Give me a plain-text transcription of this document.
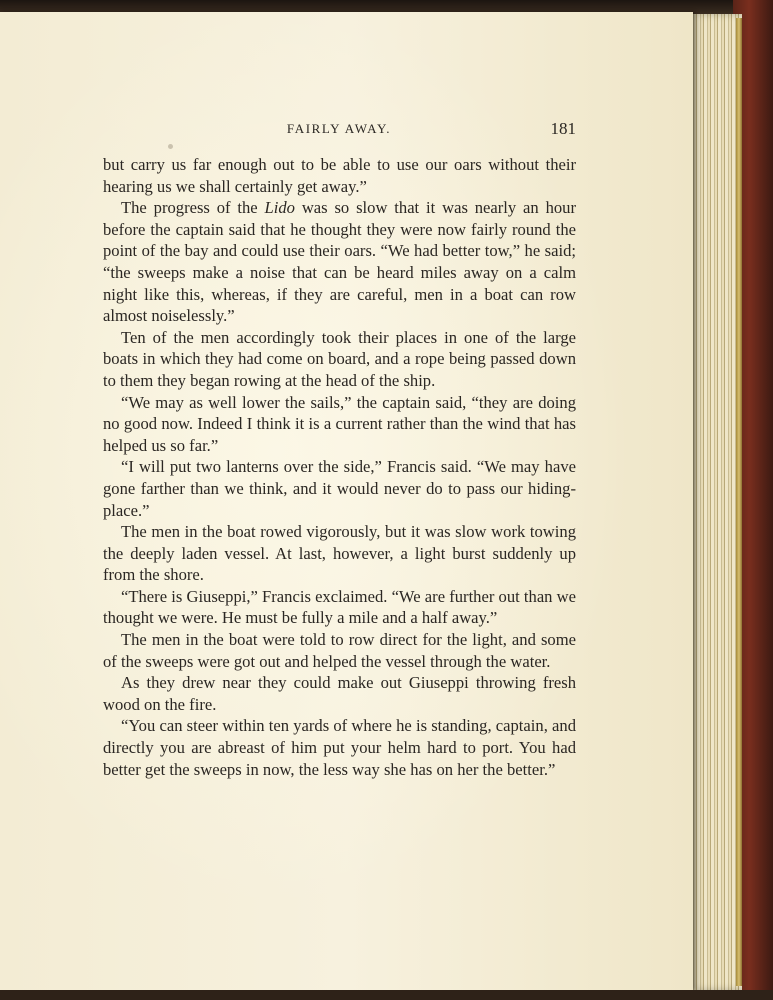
FAIRLY AWAY.	181

but carry us far enough out to be able to use our oars without their hearing us we shall certainly get away.”

The progress of the Lido was so slow that it was nearly an hour before the captain said that he thought they were now fairly round the point of the bay and could use their oars. “We had better tow,” he said; “the sweeps make a noise that can be heard miles away on a calm night like this, whereas, if they are careful, men in a boat can row almost noiselessly.”

Ten of the men accordingly took their places in one of the large boats in which they had come on board, and a rope being passed down to them they began rowing at the head of the ship.

“We may as well lower the sails,” the captain said, “they are doing no good now. Indeed I think it is a current rather than the wind that has helped us so far.”

“I will put two lanterns over the side,” Francis said. “We may have gone farther than we think, and it would never do to pass our hiding-place.”

The men in the boat rowed vigorously, but it was slow work towing the deeply laden vessel. At last, however, a light burst suddenly up from the shore.

“There is Giuseppi,” Francis exclaimed. “We are further out than we thought we were. He must be fully a mile and a half away.”

The men in the boat were told to row direct for the light, and some of the sweeps were got out and helped the vessel through the water.

As they drew near they could make out Giuseppi throwing fresh wood on the fire.

“You can steer within ten yards of where he is standing, captain, and directly you are abreast of him put your helm hard to port. You had better get the sweeps in now, the less way she has on her the better.”
